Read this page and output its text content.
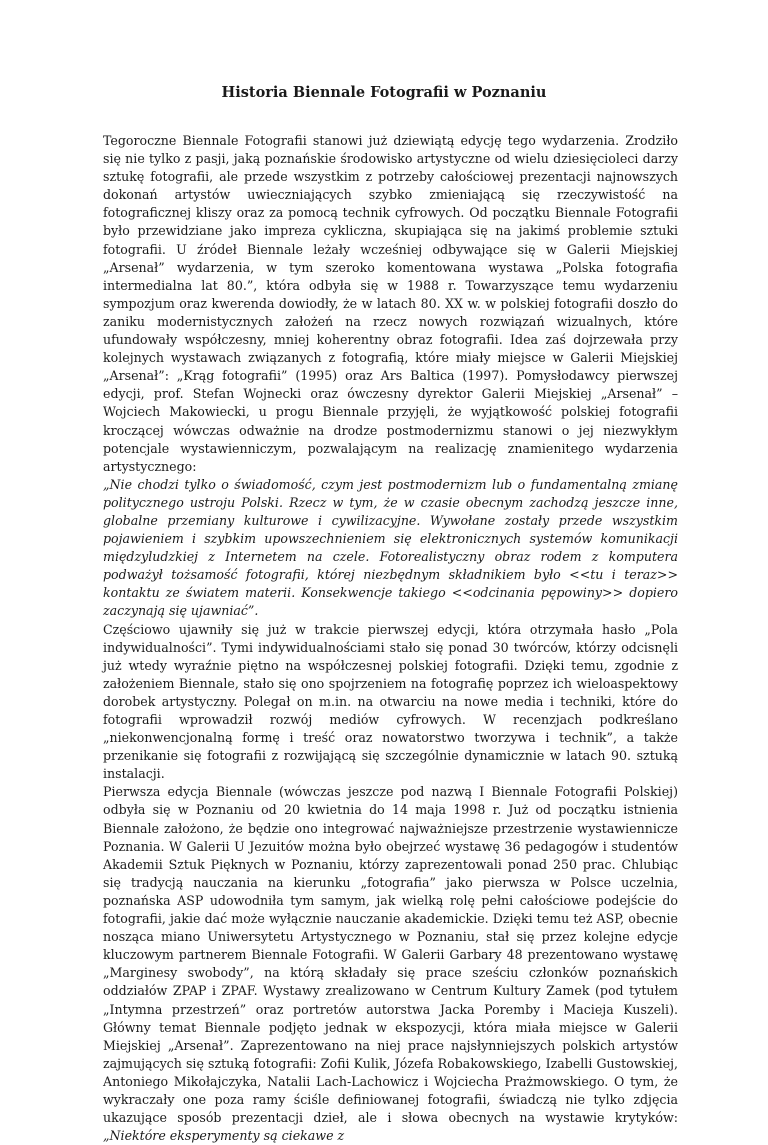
Historia Biennale Fotografii w Poznaniu

Tegoroczne Biennale Fotografii stanowi już dziewiątą edycję tego wydarzenia. Zrodziło się nie tylko z pasji, jaką poznańskie środowisko artystyczne od wielu dziesięcioleci darzy sztukę fotografii, ale przede wszystkim z potrzeby całościowej prezentacji najnowszych dokonań artystów uwieczniających szybko zmieniającą się rzeczywistość na fotograficznej kliszy oraz za pomocą technik cyfrowych. Od początku Biennale Fotografii było przewidziane jako impreza cykliczna, skupiająca się na jakimś problemie sztuki fotografii. U źródeł Biennale leżały wcześniej odbywające się w Galerii Miejskiej „Arsenał” wydarzenia, w tym szeroko komentowana wystawa „Polska fotografia intermedialna lat 80.”, która odbyła się w 1988 r. Towarzyszące temu wydarzeniu sympozjum oraz kwerenda dowiodły, że w latach 80. XX w. w polskiej fotografii doszło do zaniku modernistycznych założeń na rzecz nowych rozwiązań wizualnych, które ufundowały współczesny, mniej koherentny obraz fotografii. Idea zaś dojrzewała przy kolejnych wystawach związanych z fotografią, które miały miejsce w Galerii Miejskiej „Arsenał”: „Krąg fotografii” (1995) oraz Ars Baltica (1997). Pomysłodawcy pierwszej edycji, prof. Stefan Wojnecki oraz ówczesny dyrektor Galerii Miejskiej „Arsenał” – Wojciech Makowiecki, u progu Biennale przyjęli, że wyjątkowość polskiej fotografii kroczącej wówczas odważnie na drodze postmodernizmu stanowi o jej niezwykłym potencjale wystawienniczym, pozwalającym na realizację znamienitego wydarzenia artystycznego:

„Nie chodzi tylko o świadomość, czym jest postmodernizm lub o fundamentalną zmianę politycznego ustroju Polski. Rzecz w tym, że w czasie obecnym zachodzą jeszcze inne, globalne przemiany kulturowe i cywilizacyjne. Wywołane zostały przede wszystkim pojawieniem i szybkim upowszechnieniem się elektronicznych systemów komunikacji międzyludzkiej z Internetem na czele. Fotorealistyczny obraz rodem z komputera podważył tożsamość fotografii, której niezbędnym składnikiem było <<tu i teraz>> kontaktu ze światem materii. Konsekwencje takiego <<odcinania pępowiny>> dopiero zaczynają się ujawniać”.

Częściowo ujawniły się już w trakcie pierwszej edycji, która otrzymała hasło „Pola indywidualności”. Tymi indywidualnościami stało się ponad 30 twórców, którzy odcisnęli już wtedy wyraźnie piętno na współczesnej polskiej fotografii. Dzięki temu, zgodnie z założeniem Biennale, stało się ono spojrzeniem na fotografię poprzez ich wieloaspektowy dorobek artystyczny. Polegał on m.in. na otwarciu na nowe media i techniki, które do fotografii wprowadził rozwój mediów cyfrowych. W recenzjach podkreślano „niekonwencjonalną formę i treść oraz nowatorstwo tworzywa i technik”, a także przenikanie się fotografii z rozwijającą się szczególnie dynamicznie w latach 90. sztuką instalacji.

Pierwsza edycja Biennale (wówczas jeszcze pod nazwą I Biennale Fotografii Polskiej) odbyła się w Poznaniu od 20 kwietnia do 14 maja 1998 r. Już od początku istnienia Biennale założono, że będzie ono integrować najważniejsze przestrzenie wystawiennicze Poznania. W Galerii U Jezuitów można było obejrzeć wystawę 36 pedagogów i studentów Akademii Sztuk Pięknych w Poznaniu, którzy zaprezentowali ponad 250 prac. Chlubiąc się tradycją nauczania na kierunku „fotografia” jako pierwsza w Polsce uczelnia, poznańska ASP udowodniła tym samym, jak wielką rolę pełni całościowe podejście do fotografii, jakie dać może wyłącznie nauczanie akademickie. Dzięki temu też ASP, obecnie nosząca miano Uniwersytetu Artystycznego w Poznaniu, stał się przez kolejne edycje kluczowym partnerem Biennale Fotografii. W Galerii Garbary 48 prezentowano wystawę „Marginesy swobody”, na którą składały się prace sześciu członków poznańskich oddziałów ZPAP i ZPAF. Wystawy zrealizowano w Centrum Kultury Zamek (pod tytułem „Intymna przestrzeń” oraz portretów autorstwa Jacka Poremby i Macieja Kuszeli). Główny temat Biennale podjęto jednak w ekspozycji, która miała miejsce w Galerii Miejskiej „Arsenał”. Zaprezentowano na niej prace najsłynniejszych polskich artystów zajmujących się sztuką fotografii: Zofii Kulik, Józefa Robakowskiego, Izabelli Gustowskiej, Antoniego Mikołajczyka, Natalii Lach-Lachowicz i Wojciecha Prażmowskiego. O tym, że wykraczały one poza ramy ściśle definiowanej fotografii, świadczą nie tylko zdjęcia ukazujące sposób prezentacji dzieł, ale i słowa obecnych na wystawie krytyków: „Niektóre eksperymenty są ciekawe z
